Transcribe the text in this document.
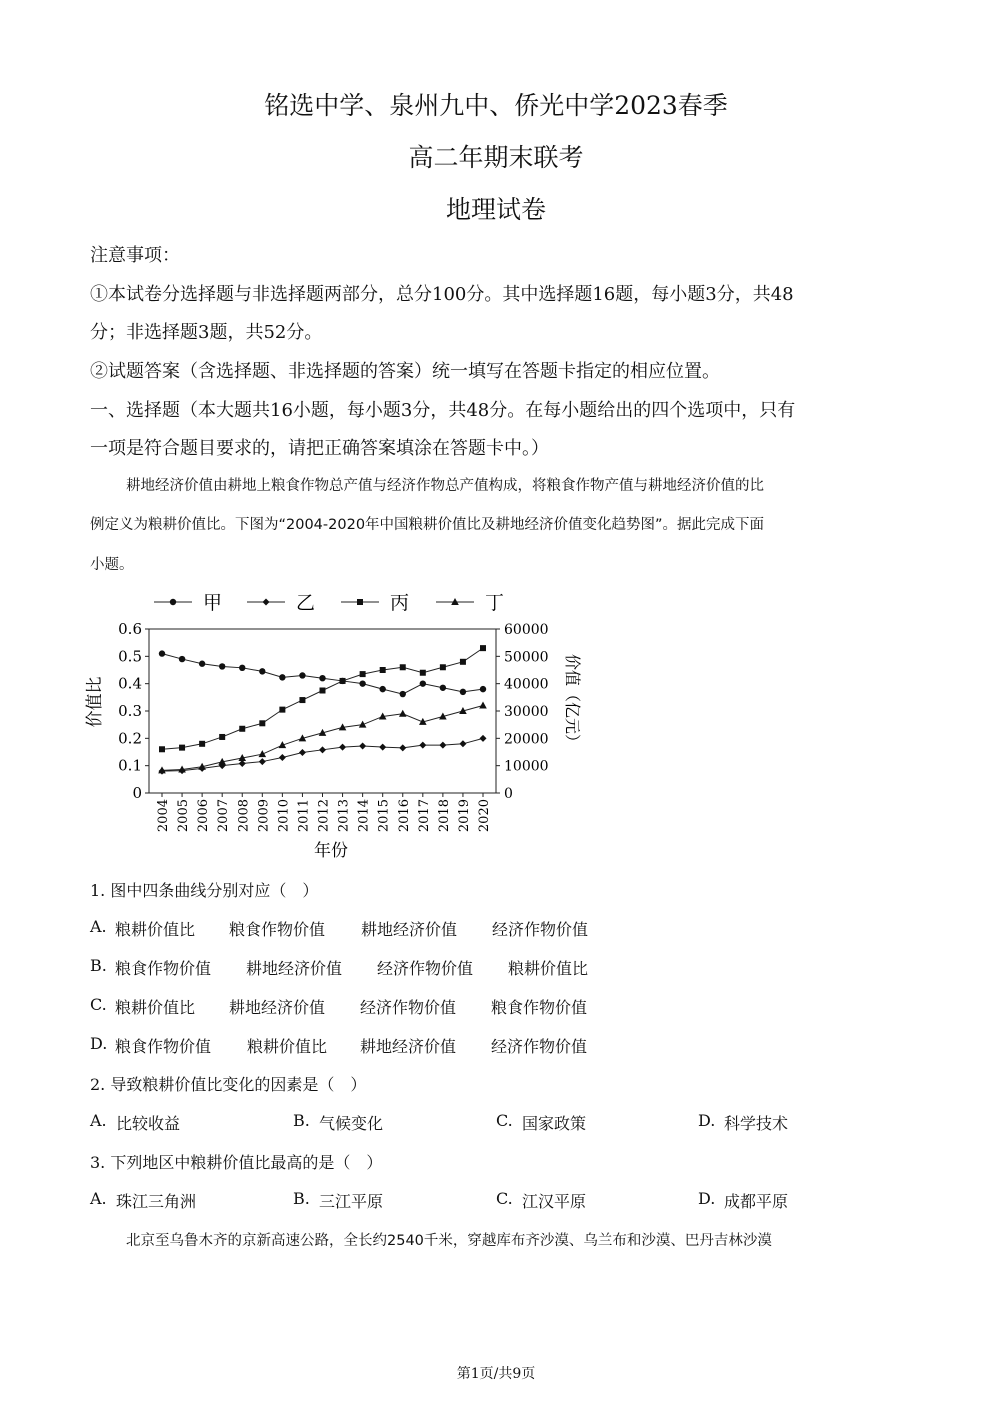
铭选中学、泉州九中、侨光中学2023春季
高二年期末联考
地理试卷
注意事项：
①本试卷分选择题与非选择题两部分，总分100分。其中选择题16题，每小题3分，共48
分；非选择题3题，共52分。
②试题答案（含选择题、非选择题的答案）统一填写在答题卡指定的相应位置。
一、选择题（本大题共16小题，每小题3分，共48分。在每小题给出的四个选项中，只有
一项是符合题目要求的，请把正确答案填涂在答题卡中。）
耕地经济价值由耕地上粮食作物总产值与经济作物总产值构成，将粮食作物产值与耕地经济价值的比
例定义为粮耕价值比。下图为“2004-2020年中国粮耕价值比及耕地经济价值变化趋势图”。据此完成下面
小题。
甲	乙	丙	丁
0
0.1
0.2
0.3
0.4
0.5
0.6
0
10000
20000
30000
40000
50000
60000
2004 2005 2006 2007 2008 2009 2010 2011 2012 2013 2014 2015 2016 2017 2018 2019 2020
价值比	价值（亿元）
年份
1. 图中四条曲线分别对应（　）
A. 粮耕价值比 粮食作物价值 耕地经济价值 经济作物价值
B. 粮食作物价值 耕地经济价值 经济作物价值 粮耕价值比
C. 粮耕价值比 耕地经济价值 经济作物价值 粮食作物价值
D. 粮食作物价值 粮耕价值比 耕地经济价值 经济作物价值
2. 导致粮耕价值比变化的因素是（　）
A. 比较收益	B. 气候变化	C. 国家政策	D. 科学技术
3. 下列地区中粮耕价值比最高的是（　）
A. 珠江三角洲	B. 三江平原	C. 江汉平原	D. 成都平原
北京至乌鲁木齐的京新高速公路，全长约2540千米，穿越库布齐沙漠、乌兰布和沙漠、巴丹吉林沙漠
第1页/共9页
